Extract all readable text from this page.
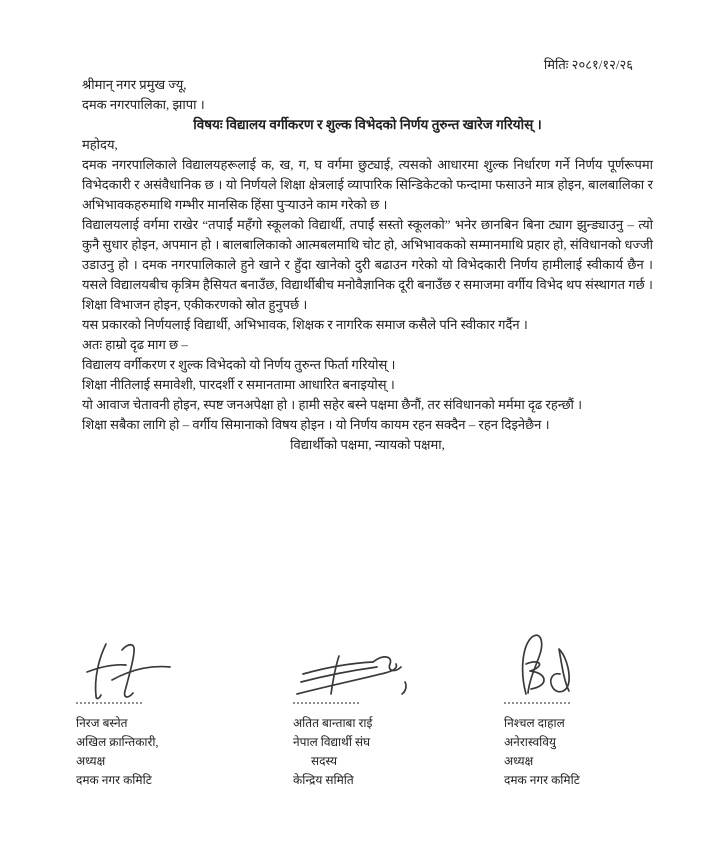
मितिः २०८१/१२/२६

श्रीमान् नगर प्रमुख ज्यू,

दमक नगरपालिका, झापा ।

विषयः विद्यालय वर्गीकरण र शुल्क विभेदको निर्णय तुरुन्त खारेज गरियोस् ।

महोदय,

दमक नगरपालिकाले विद्यालयहरूलाई क, ख, ग, घ वर्गमा छुट्याई, त्यसको आधारमा शुल्क निर्धारण गर्ने निर्णय पूर्णरूपमा विभेदकारी र असंवैधानिक छ । यो निर्णयले शिक्षा क्षेत्रलाई व्यापारिक सिन्डिकेटको फन्दामा फसाउने मात्र होइन, बालबालिका र अभिभावकहरुमाथि गम्भीर मानसिक हिंसा पुर्‍याउने काम गरेको छ ।

विद्यालयलाई वर्गमा राखेर “तपाईं महँगो स्कूलको विद्यार्थी, तपाईं सस्तो स्कूलको” भनेर छानबिन बिना ट्याग झुन्ड्याउनु – त्यो कुनै सुधार होइन, अपमान हो । बालबालिकाको आत्मबलमाथि चोट हो, अभिभावकको सम्मानमाथि प्रहार हो, संविधानको धज्जी उडाउनु हो । दमक नगरपालिकाले हुने खाने र हुँदा खानेको दुरी बढाउन गरेको यो विभेदकारी निर्णय हामीलाई स्वीकार्य छैन । यसले विद्यालयबीच कृत्रिम हैसियत बनाउँछ, विद्यार्थीबीच मनोवैज्ञानिक दूरी बनाउँछ र समाजमा वर्गीय विभेद थप संस्थागत गर्छ । शिक्षा विभाजन होइन, एकीकरणको स्रोत हुनुपर्छ ।

यस प्रकारको निर्णयलाई विद्यार्थी, अभिभावक, शिक्षक र नागरिक समाज कसैले पनि स्वीकार गर्दैन ।

अतः हाम्रो दृढ माग छ –

विद्यालय वर्गीकरण र शुल्क विभेदको यो निर्णय तुरुन्त फिर्ता गरियोस् ।

शिक्षा नीतिलाई समावेशी, पारदर्शी र समानतामा आधारित बनाइयोस् ।

यो आवाज चेतावनी होइन, स्पष्ट जनअपेक्षा हो । हामी सहेर बस्ने पक्षमा छैनौं, तर संविधानको मर्ममा दृढ रहन्छौं ।

शिक्षा सबैका लागि हो – वर्गीय सिमानाको विषय होइन । यो निर्णय कायम रहन सक्दैन – रहन दिइनेछैन ।

विद्यार्थीको पक्षमा, न्यायको पक्षमा,

निरज बस्नेत

अखिल क्रान्तिकारी,

अध्यक्ष

दमक नगर कमिटि

अतित बान्ताबा राई

नेपाल विद्यार्थी संघ

सदस्य

केन्द्रिय समिति

निश्चल दाहाल

अनेरास्ववियु

अध्यक्ष

दमक नगर कमिटि
